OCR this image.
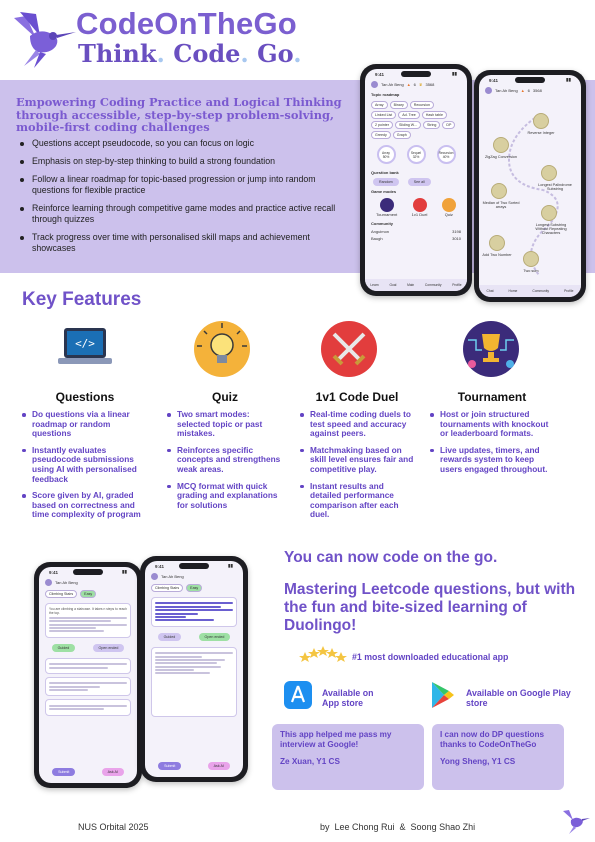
CodeOnTheGo
Think. Code. Go.
Empowering Coding Practice and Logical Thinking through accessible, step-by-step problem-solving, mobile-first coding challenges
Questions accept pseudocode, so you can focus on logic
Emphasis on step-by-step thinking to build a strong foundation
Follow a linear roadmap for topic-based progression or jump into random questions for flexible practice
Reinforce learning through competitive game modes and practice active recall through quizzes
Track progress over time with personalised skill maps and achievement showcases
9:41	▮▮
Tan Ah Beng ▲ 6 ♛ 3568
Topic roadmap
Array	Binary	Recursion
Linked List	Ad. Tree	Hash table
2 pointer	Sliding W...	String	DP
Greedy	Graph
Array
50%
Sequel
32%
Recursion
40%
Question bank
Random	See all
Game modes
Tournament	1v1 Duel	Quiz
Community
Anguimon	3198
Baugh	3010
Learn	Goal	Main	Community	Profile
9:41	▮▮
Tan Ah Beng ▲ 6 3568
Reverse Integer
ZigZag Conversion
Longest Palindrome Substring
Median of Two Sorted arrays
Longest Substring Without Repeating Characters
Add Two Number
Two sum
Chat	Home	Community	Profile
Key Features
</>
Questions
Do questions via a linear roadmap or random questions
Instantly evaluates pseudocode submissions using AI with personalised feedback
Score given by AI, graded based on correctness and time complexity of program
Quiz
Two smart modes: selected topic or past mistakes.
Reinforces specific concepts and strengthens weak areas.
MCQ format with quick grading and explanations for solutions
1v1 Code Duel
Real-time coding duels to test speed and accuracy against peers.
Matchmaking based on skill level ensures fair and competitive play.
Instant results and detailed performance comparison after each duel.
Tournament
Host or join structured tournaments with knockout or leaderboard formats.
Live updates, timers, and rewards system to keep users engaged throughout.
9:41	▮▮
Tan Ah Beng
Climbing Stairs	Easy
You are climbing a staircase. It takes n steps to reach the top.
Guided	Open ended
Submit	Ask AI
9:41	▮▮
Tan Ah Beng
Climbing Stairs	Easy
Guided	Open ended
Submit	Ask AI
You can now code on the go.
Mastering Leetcode questions, but with the fun and bite-sized learning of Duolingo!
#1 most downloaded educational app
Available on App store
Available on Google Play store
This app helped me pass my interview at Google!
Ze Xuan, Y1 CS
I can now do DP questions thanks to CodeOnTheGo
Yong Sheng, Y1 CS
NUS Orbital 2025	by  Lee Chong Rui  &  Soong Shao Zhi
